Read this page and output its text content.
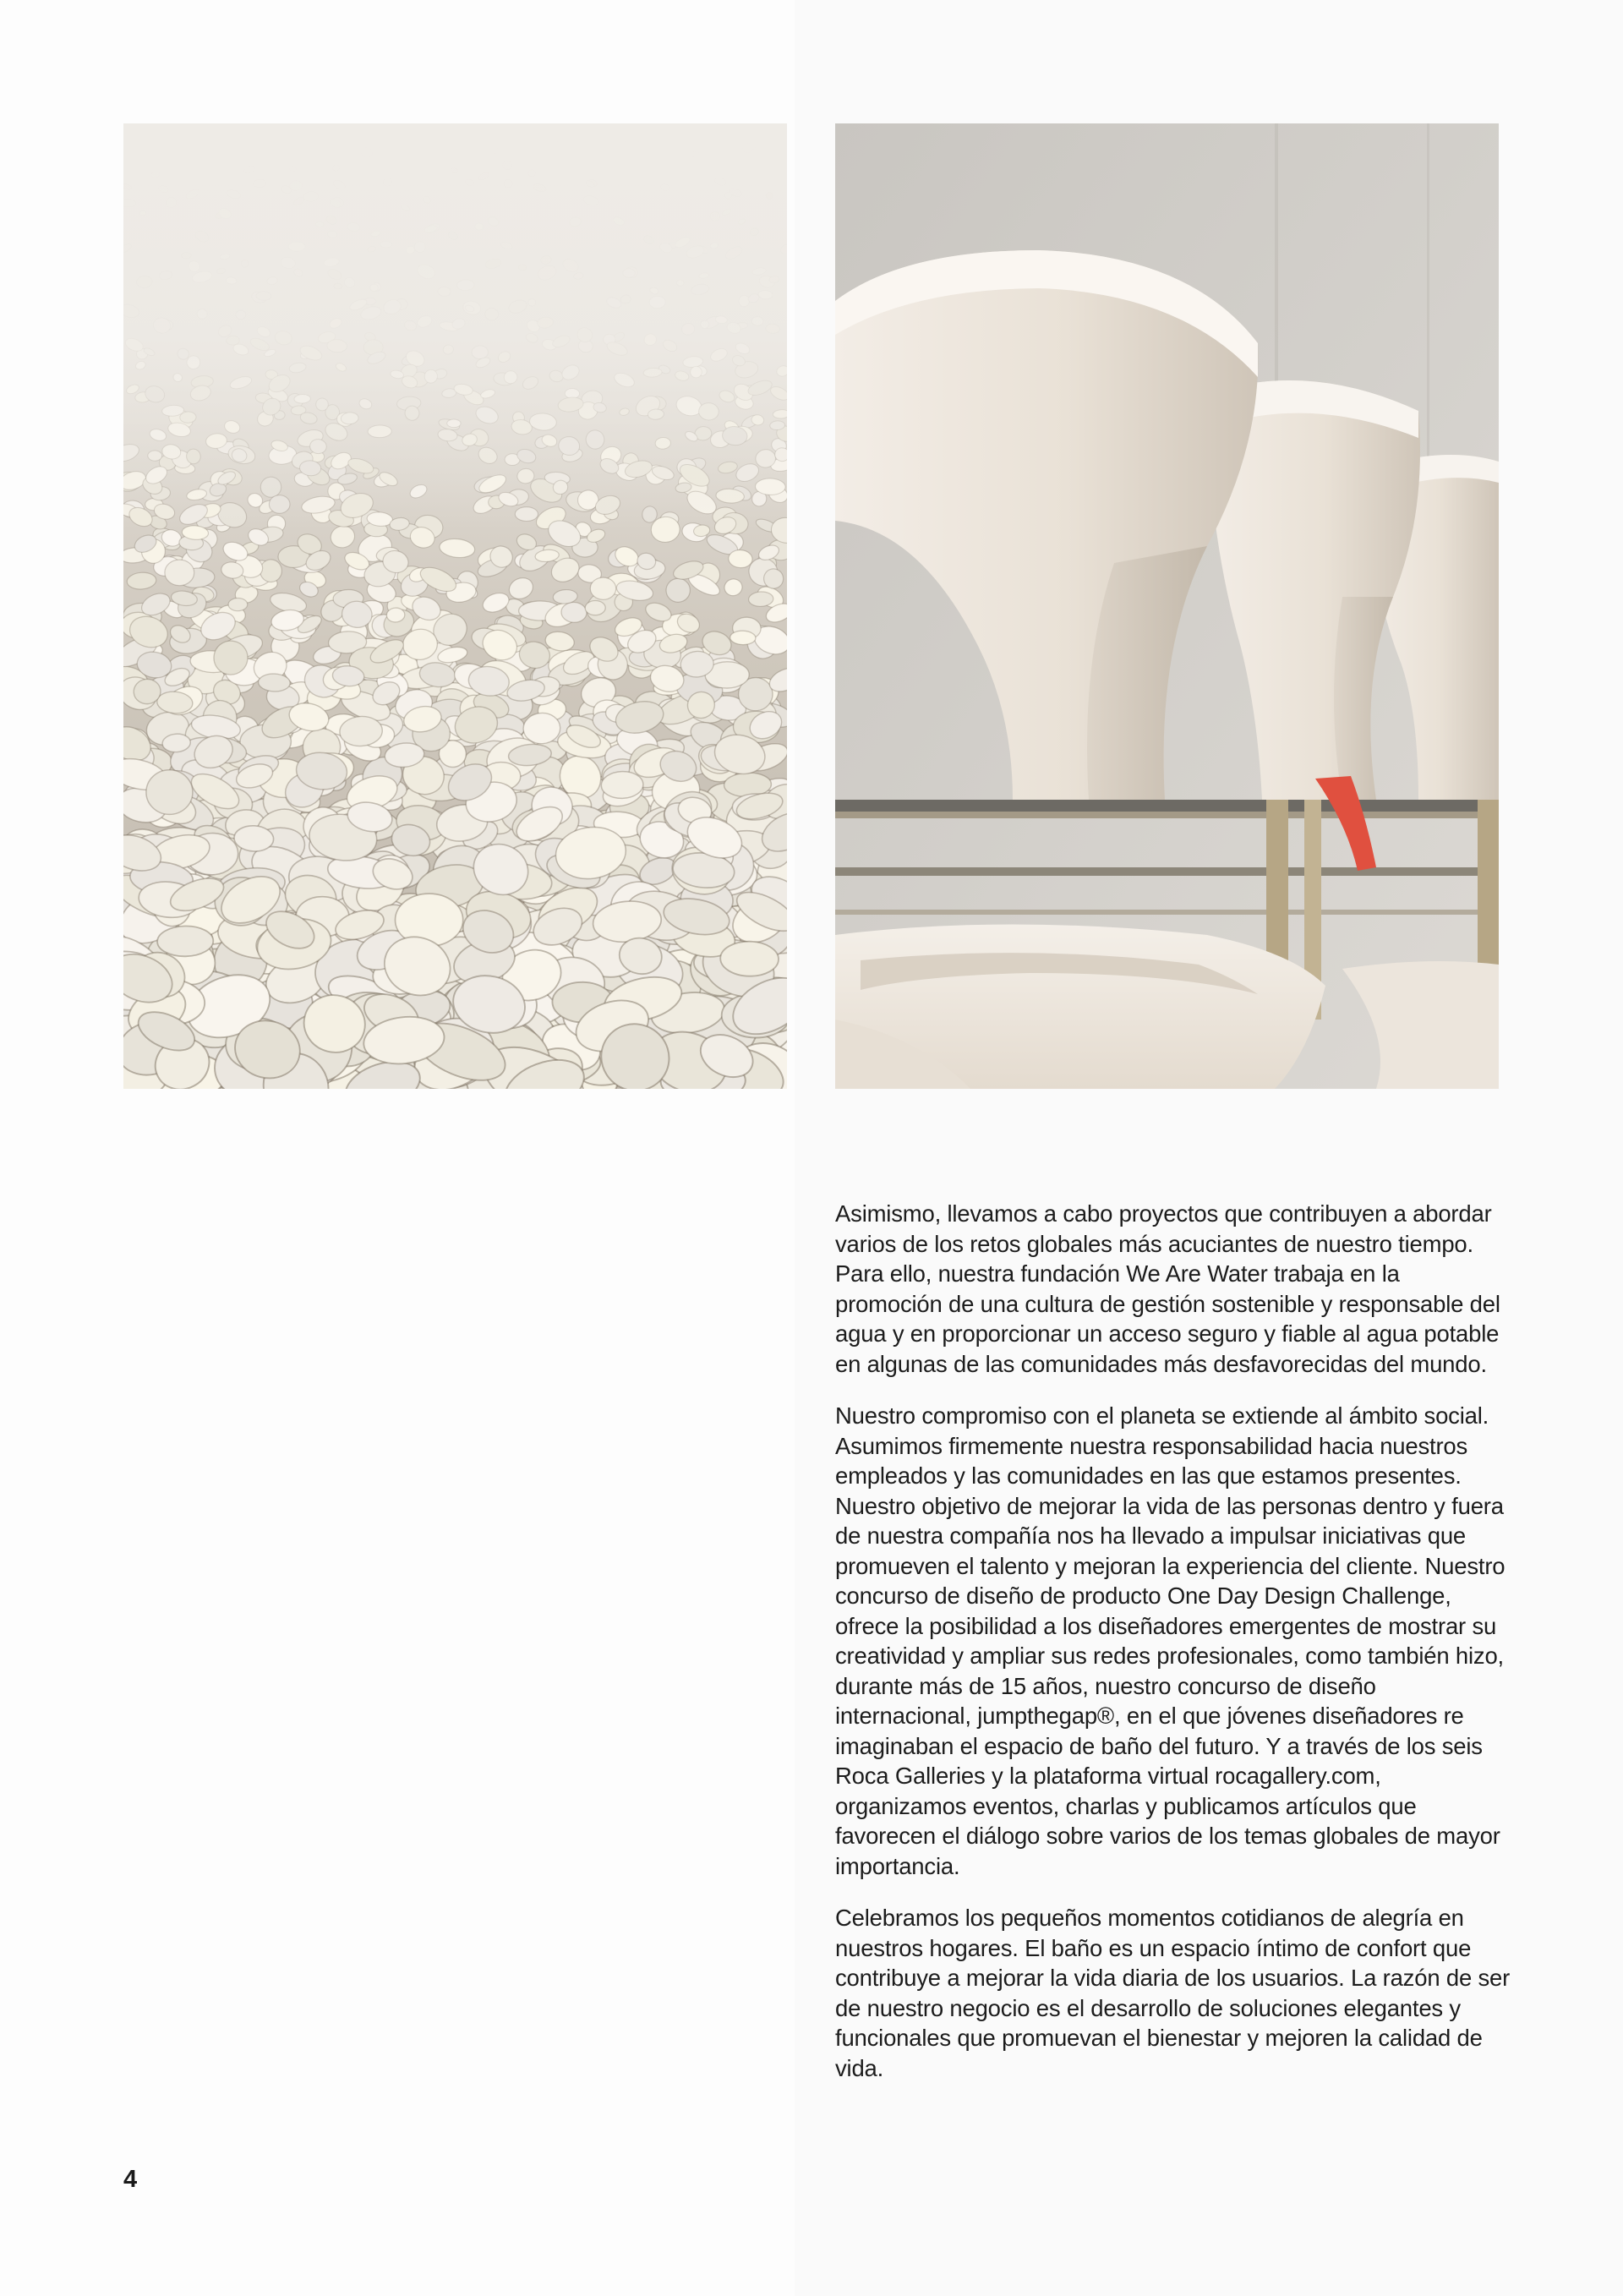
Asimismo, llevamos a cabo proyectos que contribuyen a abordar varios de los retos globales más acuciantes de nuestro tiempo. Para ello, nuestra fundación We Are Water trabaja en la promoción de una cultura de gestión sostenible y responsable del agua y en proporcionar un acceso seguro y fiable al agua potable en algunas de las comunidades más desfavorecidas del mundo.

Nuestro compromiso con el planeta se extiende al ámbito social. Asumimos firmemente nuestra responsabilidad hacia nuestros empleados y las comunidades en las que estamos presentes. Nuestro objetivo de mejorar la vida de las personas dentro y fuera de nuestra compañía nos ha llevado a impulsar iniciativas que promueven el talento y mejoran la experiencia del cliente. Nuestro concurso de diseño de producto One Day Design Challenge, ofrece la posibilidad a los diseñadores emergentes de mostrar su creatividad y ampliar sus redes profesionales, como también hizo, durante más de 15 años, nuestro concurso de diseño internacional, jumpthegap®, en el que jóvenes diseñadores re imaginaban el espacio de baño del futuro. Y a través de los seis Roca Galleries y la plataforma virtual rocagallery.com, organizamos eventos, charlas y publicamos artículos que favorecen el diálogo sobre varios de los temas globales de mayor importancia.

Celebramos los pequeños momentos cotidianos de alegría en nuestros hogares. El baño es un espacio íntimo de confort que contribuye a mejorar la vida diaria de los usuarios. La razón de ser de nuestro negocio es el desarrollo de soluciones elegantes y funcionales que promuevan el bienestar y mejoren la calidad de vida.

4
